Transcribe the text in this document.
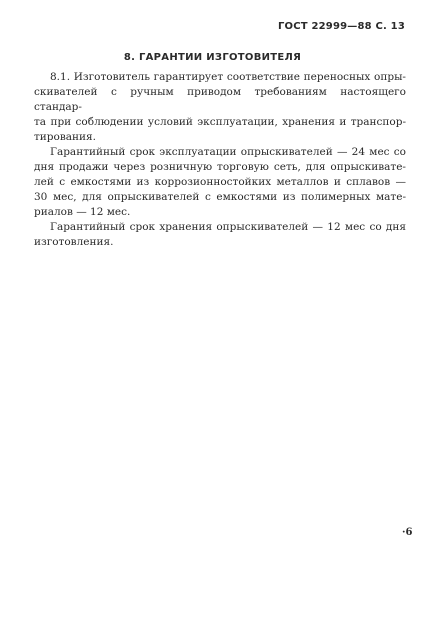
ГОСТ 22999—88 С. 13
8. ГАРАНТИИ ИЗГОТОВИТЕЛЯ

8.1. Изготовитель гарантирует соответствие переносных опры-
скивателей с ручным приводом требованиям настоящего стандар-
та при соблюдении условий эксплуатации, хранения и транспор-
тирования.

Гарантийный срок эксплуатации опрыскивателей — 24 мес со
дня продажи через розничную торговую сеть, для опрыскивате-
лей с емкостями из коррозионностойких металлов и сплавов —
30 мес, для опрыскивателей с емкостями из полимерных мате-
риалов — 12 мес.

Гарантийный срок хранения опрыскивателей — 12 мес со дня
изготовления.

·6
